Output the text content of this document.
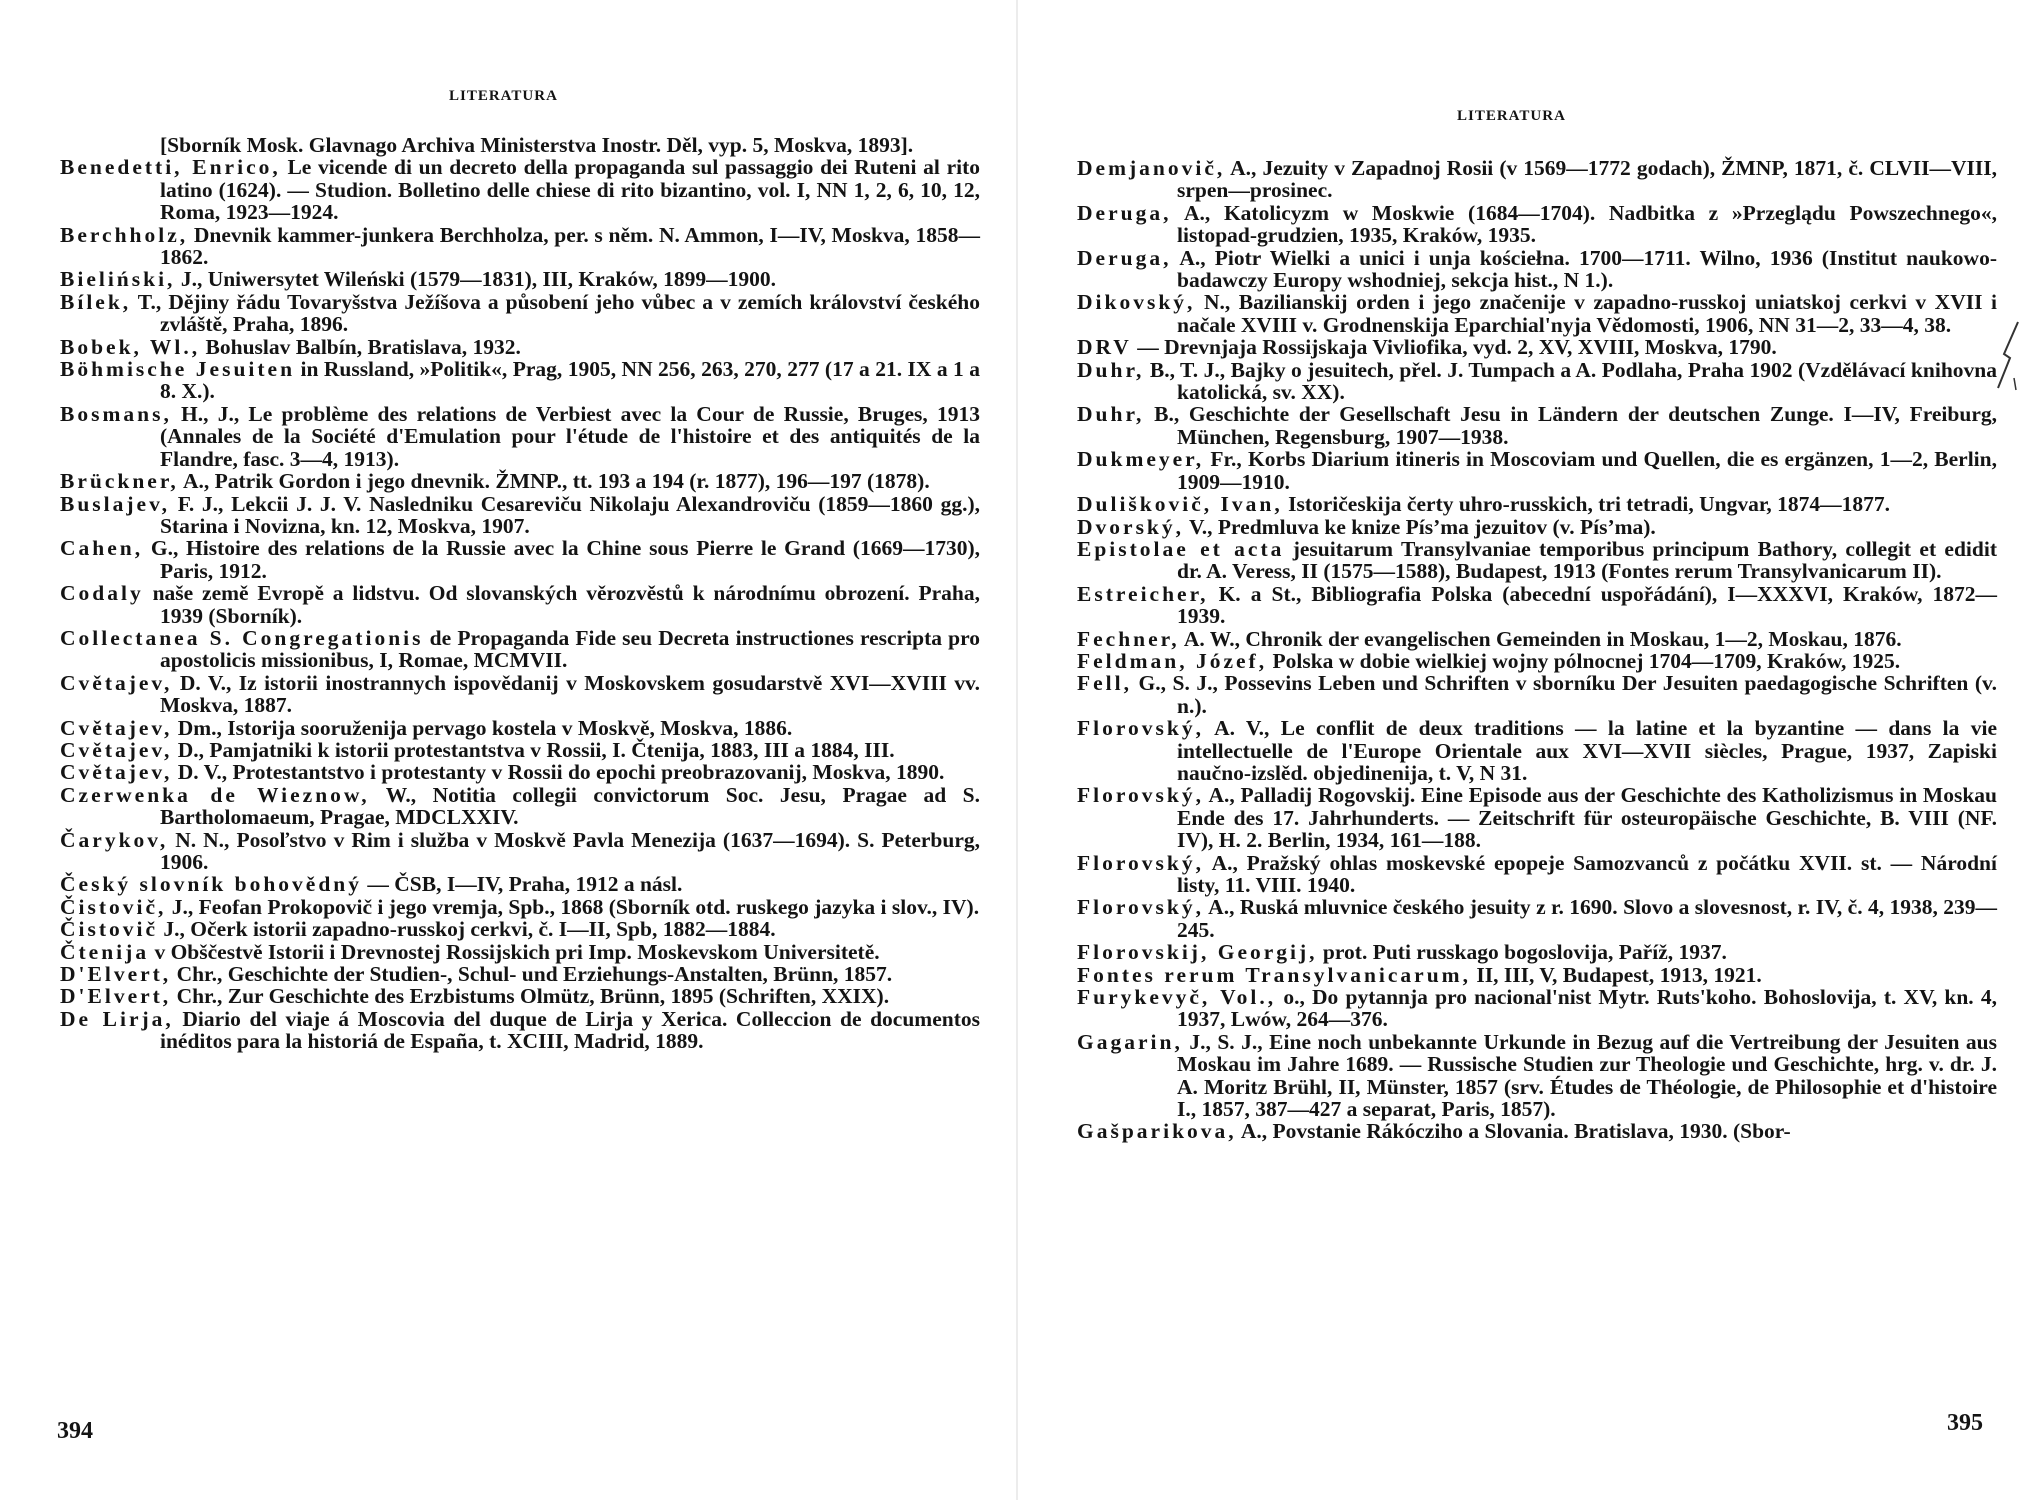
LITERATURA
[Sborník Mosk. Glavnago Archiva Ministerstva Inostr. Děl, vyp. 5, Moskva, 1893].
Benedetti, Enrico, Le vicende di un decreto della propaganda sul passaggio dei Ruteni al rito latino (1624). — Studion. Bolletino delle chiese di rito bizantino, vol. I, NN 1, 2, 6, 10, 12, Roma, 1923—1924.
Berchholz, Dnevnik kammer-junkera Berchholza, per. s něm. N. Ammon, I—IV, Moskva, 1858—1862.
Bieliński, J., Uniwersytet Wileński (1579—1831), III, Kraków, 1899—1900.
Bílek, T., Dějiny řádu Tovaryšstva Ježíšova a působení jeho vůbec a v zemích království českého zvláště, Praha, 1896.
Bobek, Wl., Bohuslav Balbín, Bratislava, 1932.
Böhmische Jesuiten in Russland, »Politik«, Prag, 1905, NN 256, 263, 270, 277 (17 a 21. IX a 1 a 8. X.).
Bosmans, H., J., Le problème des relations de Verbiest avec la Cour de Russie, Bruges, 1913 (Annales de la Société d'Emulation pour l'étude de l'histoire et des antiquités de la Flandre, fasc. 3—4, 1913).
Brückner, A., Patrik Gordon i jego dnevnik. ŽMNP., tt. 193 a 194 (r. 1877), 196—197 (1878).
Buslajev, F. J., Lekcii J. J. V. Nasledniku Cesareviču Nikolaju Alexandroviču (1859—1860 gg.), Starina i Novizna, kn. 12, Moskva, 1907.
Cahen, G., Histoire des relations de la Russie avec la Chine sous Pierre le Grand (1669—1730), Paris, 1912.
Codaly naše země Evropě a lidstvu. Od slovanských věrozvěstů k národnímu obrození. Praha, 1939 (Sborník).
Collectanea S. Congregationis de Propaganda Fide seu Decreta instructiones rescripta pro apostolicis missionibus, I, Romae, MCMVII.
Cvětajev, D. V., Iz istorii inostrannych ispovědanij v Moskovskem gosudarstvě XVI—XVIII vv. Moskva, 1887.
Cvětajev, Dm., Istorija sooruženija pervago kostela v Moskvě, Moskva, 1886.
Cvětajev, D., Pamjatniki k istorii protestantstva v Rossii, I. Čtenija, 1883, III a 1884, III.
Cvětajev, D. V., Protestantstvo i protestanty v Rossii do epochi preobrazovanij, Moskva, 1890.
Czerwenka de Wieznow, W., Notitia collegii convictorum Soc. Jesu, Pragae ad S. Bartholomaeum, Pragae, MDCLXXIV.
Čarykov, N. N., Posoľstvo v Rim i služba v Moskvě Pavla Menezija (1637—1694). S. Peterburg, 1906.
Český slovník bohovědný — ČSB, I—IV, Praha, 1912 a násl.
Čistovič, J., Feofan Prokopovič i jego vremja, Spb., 1868 (Sborník otd. ruskego jazyka i slov., IV).
Čistovič J., Očerk istorii zapadno-russkoj cerkvi, č. I—II, Spb, 1882—1884.
Čtenija v Obščestvě Istorii i Drevnostej Rossijskich pri Imp. Moskevskom Universitetě.
D'Elvert, Chr., Geschichte der Studien-, Schul- und Erziehungs-Anstalten, Brünn, 1857.
D'Elvert, Chr., Zur Geschichte des Erzbistums Olmütz, Brünn, 1895 (Schriften, XXIX).
De Lirja, Diario del viaje á Moscovia del duque de Lirja y Xerica. Colleccion de documentos inéditos para la historiá de España, t. XCIII, Madrid, 1889.
394
LITERATURA
Demjanovič, A., Jezuity v Zapadnoj Rosii (v 1569—1772 godach), ŽMNP, 1871, č. CLVII—VIII, srpen—prosinec.
Deruga, A., Katolicyzm w Moskwie (1684—1704). Nadbitka z »Przeglądu Powszechnego«, listopad-grudzien, 1935, Kraków, 1935.
Deruga, A., Piotr Wielki a unici i unja kościełna. 1700—1711. Wilno, 1936 (Institut naukowo-badawczy Europy wshodniej, sekcja hist., N 1.).
Dikovský, N., Bazilianskij orden i jego značenije v zapadno-russkoj uniatskoj cerkvi v XVII i načale XVIII v. Grodnenskija Eparchial'nyja Vědomosti, 1906, NN 31—2, 33—4, 38.
DRV — Drevnjaja Rossijskaja Vivliofika, vyd. 2, XV, XVIII, Moskva, 1790.
Duhr, B., T. J., Bajky o jesuitech, přel. J. Tumpach a A. Podlaha, Praha 1902 (Vzdělávací knihovna katolická, sv. XX).
Duhr, B., Geschichte der Gesellschaft Jesu in Ländern der deutschen Zunge. I—IV, Freiburg, München, Regensburg, 1907—1938.
Dukmeyer, Fr., Korbs Diarium itineris in Moscoviam und Quellen, die es ergänzen, 1—2, Berlin, 1909—1910.
Duliškovič, Ivan, Istoričeskija čerty uhro-russkich, tri tetradi, Ungvar, 1874—1877.
Dvorský, V., Predmluva ke knize Písʼma jezuitov (v. Písʼma).
Epistolae et acta jesuitarum Transylvaniae temporibus principum Bathory, collegit et edidit dr. A. Veress, II (1575—1588), Budapest, 1913 (Fontes rerum Transylvanicarum II).
Estreicher, K. a St., Bibliografia Polska (abecední uspořádání), I—XXXVI, Kraków, 1872—1939.
Fechner, A. W., Chronik der evangelischen Gemeinden in Moskau, 1—2, Moskau, 1876.
Feldman, Józef, Polska w dobie wielkiej wojny pólnocnej 1704—1709, Kraków, 1925.
Fell, G., S. J., Possevins Leben und Schriften v sborníku Der Jesuiten paedagogische Schriften (v. n.).
Florovský, A. V., Le conflit de deux traditions — la latine et la byzantine — dans la vie intellectuelle de l'Europe Orientale aux XVI—XVII siècles, Prague, 1937, Zapiski naučno-izslěd. objedinenija, t. V, N 31.
Florovský, A., Palladij Rogovskij. Eine Episode aus der Geschichte des Katholizismus in Moskau Ende des 17. Jahrhunderts. — Zeitschrift für osteuropäische Geschichte, B. VIII (NF. IV), H. 2. Berlin, 1934, 161—188.
Florovský, A., Pražský ohlas moskevské epopeje Samozvanců z počátku XVII. st. — Národní listy, 11. VIII. 1940.
Florovský, A., Ruská mluvnice českého jesuity z r. 1690. Slovo a slovesnost, r. IV, č. 4, 1938, 239—245.
Florovskij, Georgij, prot. Puti russkago bogoslovija, Paříž, 1937.
Fontes rerum Transylvanicarum, II, III, V, Budapest, 1913, 1921.
Furykevyč, Vol., o., Do pytannja pro nacional'nist Mytr. Ruts'koho. Bohoslovija, t. XV, kn. 4, 1937, Lwów, 264—376.
Gagarin, J., S. J., Eine noch unbekannte Urkunde in Bezug auf die Vertreibung der Jesuiten aus Moskau im Jahre 1689. — Russische Studien zur Theologie und Geschichte, hrg. v. dr. J. A. Moritz Brühl, II, Münster, 1857 (srv. Études de Théologie, de Philosophie et d'histoire I., 1857, 387—427 a separat, Paris, 1857).
Gašparikova, A., Povstanie Rákócziho a Slovania. Bratislava, 1930. (Sbor-
395
